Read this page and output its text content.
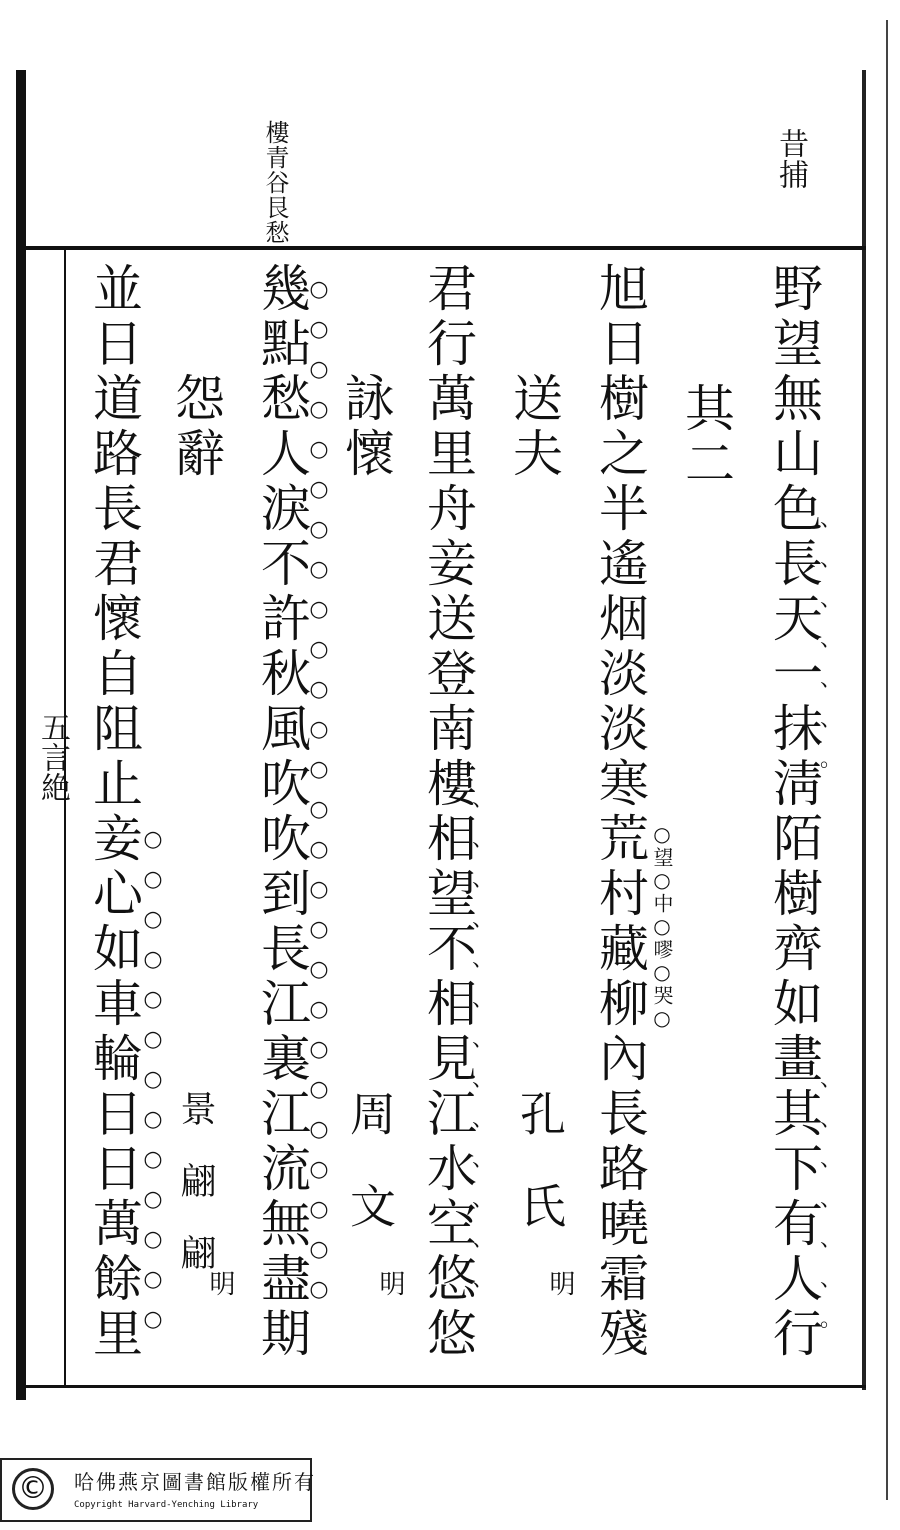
昔捕
樓青谷艮愁
野望無山色長天一抹淸陌樹齊如畫其下有人行
其二
旭日樹之半遙烟淡淡寒荒村藏柳內長路曉霜殘
送夫
君行萬里舟妾送登南樓相望不相見江水空悠悠
詠懷
幾點愁人淚不許秋風吹吹到長江裏江流無盡期
怨辭
並日道路長君懷自阻止妾心如車輪日日萬餘里	○望○中○嘐○哭○
孔　氏
明
周　文
明
景　翩　翩
明
、
、
、
、
、
、
。
、
、
、
、
、
、
。
、
、
、
、
、
、
、
、
、
、
、
、
、
○
○
○
○
○
○
○
○
○
○
○
○
○
○
○
○
○
○
○
○
○
○
○
○
○
○
○
○
○
○
○
○
○
○
○
○
○
○
○
五言絶
©	哈佛燕京圖書館版權所有
Copyright Harvard-Yenching Library
